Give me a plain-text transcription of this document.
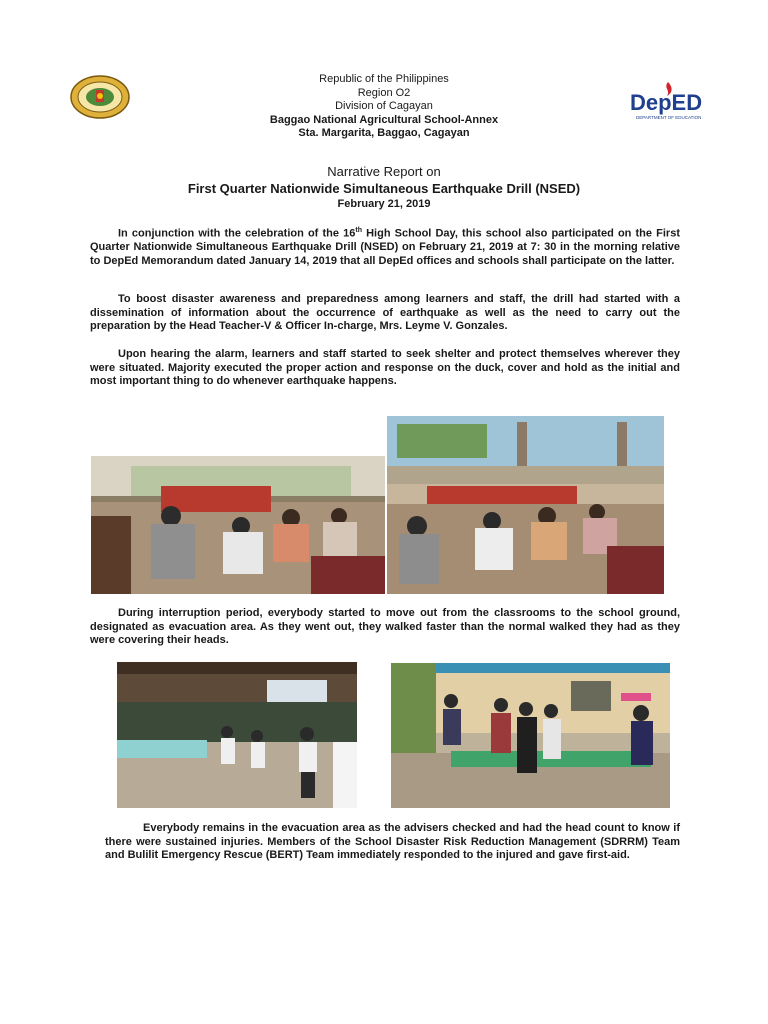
DepED
DEPARTMENT OF EDUCATION
Republic of the Philippines
Region O2
Division of Cagayan
Baggao National Agricultural School-Annex
Sta. Margarita, Baggao, Cagayan
Narrative Report on
First Quarter Nationwide Simultaneous Earthquake Drill (NSED)
February 21, 2019
In conjunction with the celebration of the 16th High School Day, this school also participated on the First Quarter Nationwide Simultaneous Earthquake Drill (NSED) on February 21, 2019 at 7: 30 in the morning relative to DepEd Memorandum dated January 14, 2019 that all DepEd offices and schools shall participate on the latter.
To boost disaster awareness and preparedness among learners and staff, the drill had started with a dissemination of information about the occurrence of earthquake as well as the need to carry out the preparation by the Head Teacher-V & Officer In-charge, Mrs. Leyme V. Gonzales.
Upon hearing the alarm, learners and staff started to seek shelter and protect themselves wherever they were situated. Majority executed the proper action and response on the duck, cover and hold as the initial and most important thing to do whenever earthquake happens.
During interruption period, everybody started to move out from the classrooms to the school ground, designated as evacuation area. As they went out, they walked faster than the normal walked they had as they were covering their heads.
Everybody remains in the evacuation area as the advisers checked and had the head count to know if there were sustained injuries. Members of the School Disaster Risk Reduction Management (SDRRM) Team and Bulilit Emergency Rescue (BERT) Team immediately responded to the injured and gave first-aid.
